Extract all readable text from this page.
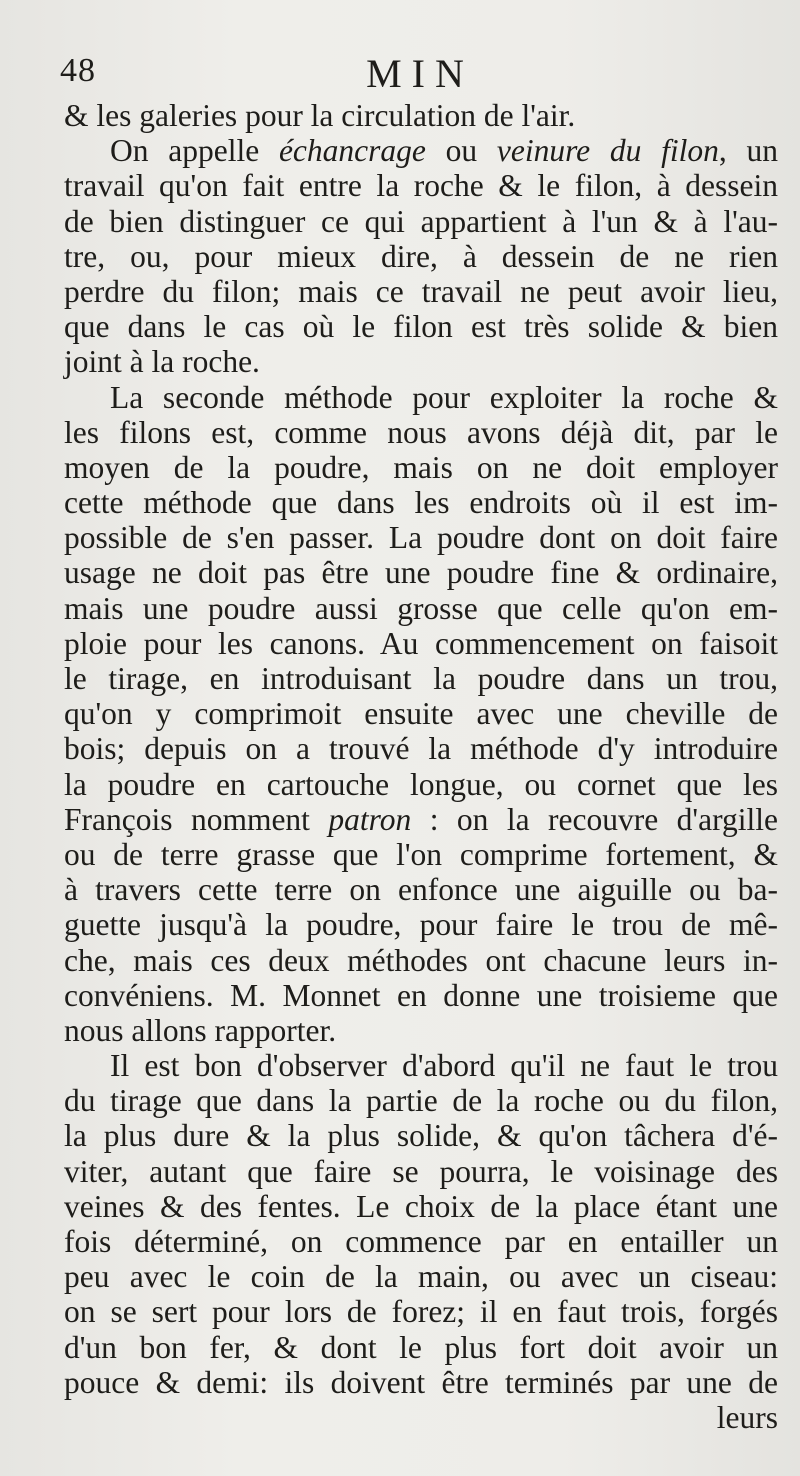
48	MIN
& les galeries pour la circulation de l'air.
On appelle échancrage ou veinure du filon, un
travail qu'on fait entre la roche & le filon, à dessein
de bien distinguer ce qui appartient à l'un & à l'au-
tre, ou, pour mieux dire, à dessein de ne rien
perdre du filon; mais ce travail ne peut avoir lieu,
que dans le cas où le filon est très solide & bien
joint à la roche.
La seconde méthode pour exploiter la roche &
les filons est, comme nous avons déjà dit, par le
moyen de la poudre, mais on ne doit employer
cette méthode que dans les endroits où il est im-
possible de s'en passer. La poudre dont on doit faire
usage ne doit pas être une poudre fine & ordinaire,
mais une poudre aussi grosse que celle qu'on em-
ploie pour les canons. Au commencement on faisoit
le tirage, en introduisant la poudre dans un trou,
qu'on y comprimoit ensuite avec une cheville de
bois; depuis on a trouvé la méthode d'y introduire
la poudre en cartouche longue, ou cornet que les
François nomment patron : on la recouvre d'argille
ou de terre grasse que l'on comprime fortement, &
à travers cette terre on enfonce une aiguille ou ba-
guette jusqu'à la poudre, pour faire le trou de mê-
che, mais ces deux méthodes ont chacune leurs in-
convéniens. M. Monnet en donne une troisieme que
nous allons rapporter.
Il est bon d'observer d'abord qu'il ne faut le trou
du tirage que dans la partie de la roche ou du filon,
la plus dure & la plus solide, & qu'on tâchera d'é-
viter, autant que faire se pourra, le voisinage des
veines & des fentes. Le choix de la place étant une
fois déterminé, on commence par en entailler un
peu avec le coin de la main, ou avec un ciseau:
on se sert pour lors de forez; il en faut trois, forgés
d'un bon fer, & dont le plus fort doit avoir un
pouce & demi: ils doivent être terminés par une de
leurs
